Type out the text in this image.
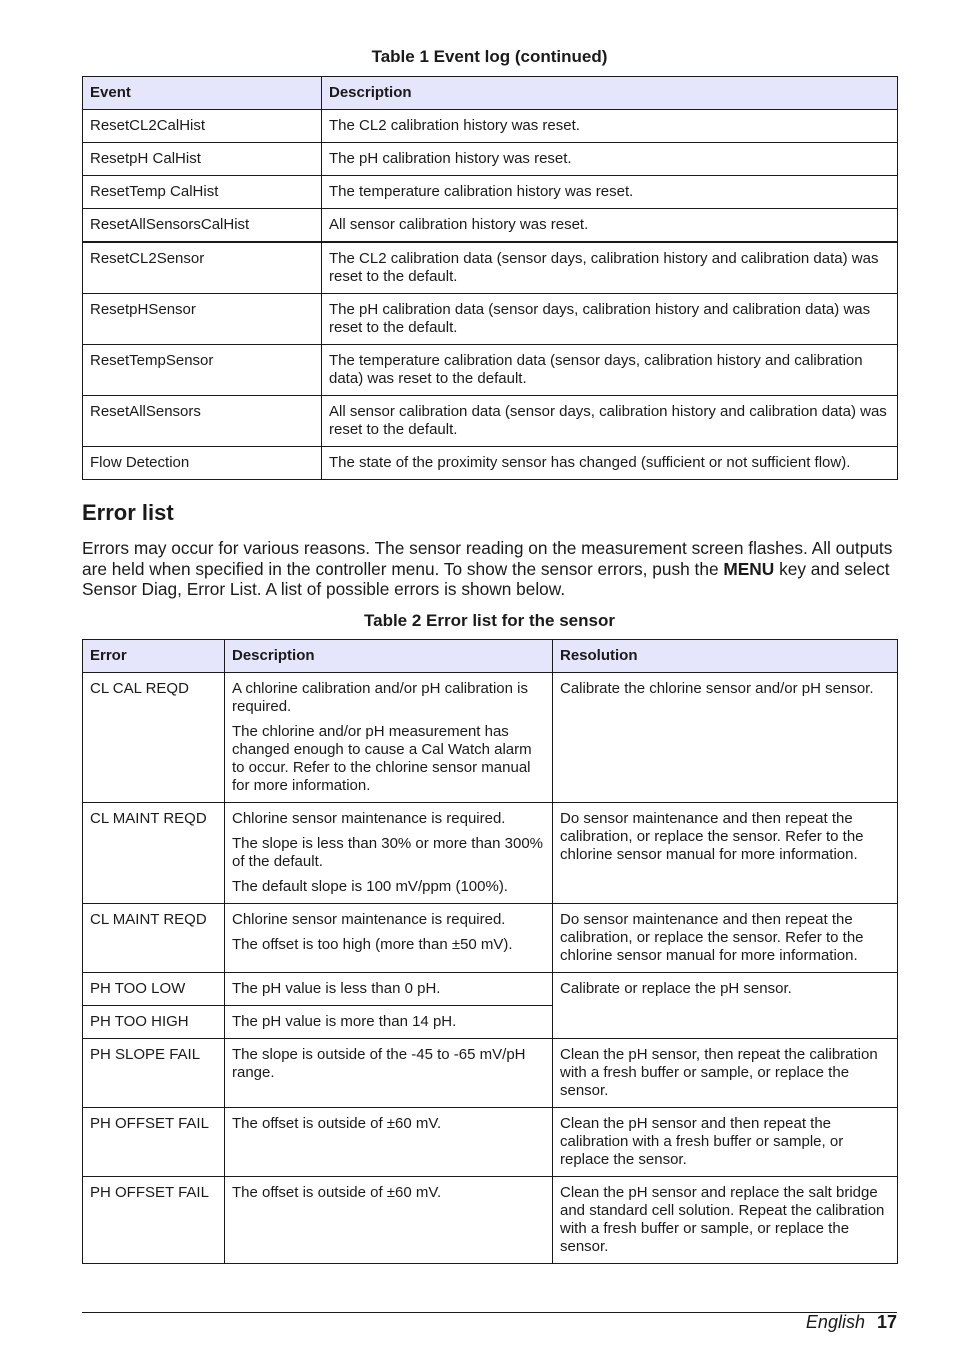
Table 1 Event log (continued)
Event	Description
ResetCL2CalHist	The CL2 calibration history was reset.
ResetpH CalHist	The pH calibration history was reset.
ResetTemp CalHist	The temperature calibration history was reset.
ResetAllSensorsCalHist	All sensor calibration history was reset.
ResetCL2Sensor	The CL2 calibration data (sensor days, calibration history and calibration data) was reset to the default.
ResetpHSensor	The pH calibration data (sensor days, calibration history and calibration data) was reset to the default.
ResetTempSensor	The temperature calibration data (sensor days, calibration history and calibration data) was reset to the default.
ResetAllSensors	All sensor calibration data (sensor days, calibration history and calibration data) was reset to the default.
Flow Detection	The state of the proximity sensor has changed (sufficient or not sufficient flow).
Error list

Errors may occur for various reasons. The sensor reading on the measurement screen flashes. All outputs are held when specified in the controller menu. To show the sensor errors, push the MENU key and select Sensor Diag, Error List. A list of possible errors is shown below.

Table 2 Error list for the sensor
Error	Description	Resolution
CL CAL REQD	A chlorine calibration and/or pH calibration is required.

The chlorine and/or pH measurement has changed enough to cause a Cal Watch alarm to occur. Refer to the chlorine sensor manual for more information.	Calibrate the chlorine sensor and/or pH sensor.
CL MAINT REQD	Chlorine sensor maintenance is required.

The slope is less than 30% or more than 300% of the default.

The default slope is 100 mV/ppm (100%).	Do sensor maintenance and then repeat the calibration, or replace the sensor. Refer to the chlorine sensor manual for more information.
CL MAINT REQD	Chlorine sensor maintenance is required.

The offset is too high (more than ±50 mV).	Do sensor maintenance and then repeat the calibration, or replace the sensor. Refer to the chlorine sensor manual for more information.
PH TOO LOW	The pH value is less than 0 pH.	Calibrate or replace the pH sensor.
PH TOO HIGH	The pH value is more than 14 pH.	

PH SLOPE FAIL	The slope is outside of the -45 to -65 mV/pH range.	Clean the pH sensor, then repeat the calibration with a fresh buffer or sample, or replace the sensor.
PH OFFSET FAIL	The offset is outside of ±60 mV.	Clean the pH sensor and then repeat the calibration with a fresh buffer or sample, or replace the sensor.
PH OFFSET FAIL	The offset is outside of ±60 mV.	Clean the pH sensor and replace the salt bridge and standard cell solution. Repeat the calibration with a fresh buffer or sample, or replace the sensor.
English 17
